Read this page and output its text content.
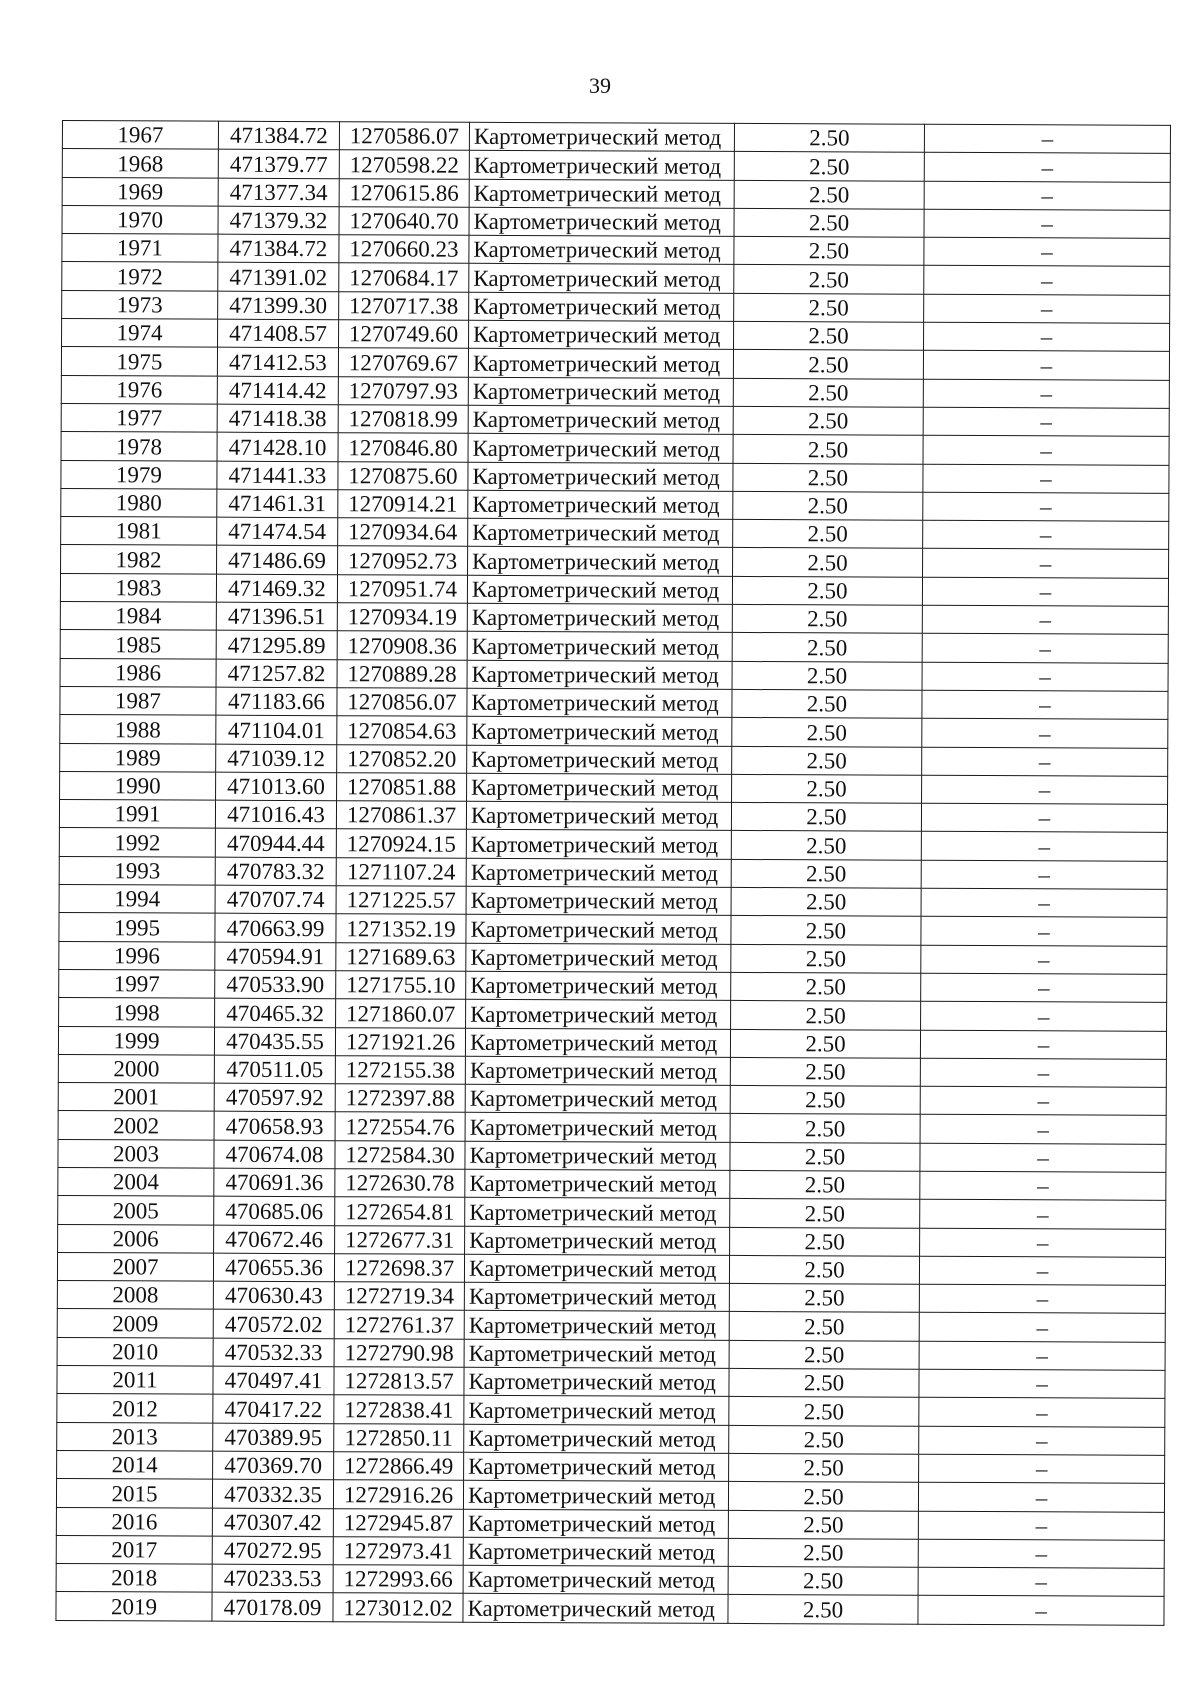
39
1967	471384.72	1270586.07	Картометрический метод	2.50	–
1968	471379.77	1270598.22	Картометрический метод	2.50	–
1969	471377.34	1270615.86	Картометрический метод	2.50	–
1970	471379.32	1270640.70	Картометрический метод	2.50	–
1971	471384.72	1270660.23	Картометрический метод	2.50	–
1972	471391.02	1270684.17	Картометрический метод	2.50	–
1973	471399.30	1270717.38	Картометрический метод	2.50	–
1974	471408.57	1270749.60	Картометрический метод	2.50	–
1975	471412.53	1270769.67	Картометрический метод	2.50	–
1976	471414.42	1270797.93	Картометрический метод	2.50	–
1977	471418.38	1270818.99	Картометрический метод	2.50	–
1978	471428.10	1270846.80	Картометрический метод	2.50	–
1979	471441.33	1270875.60	Картометрический метод	2.50	–
1980	471461.31	1270914.21	Картометрический метод	2.50	–
1981	471474.54	1270934.64	Картометрический метод	2.50	–
1982	471486.69	1270952.73	Картометрический метод	2.50	–
1983	471469.32	1270951.74	Картометрический метод	2.50	–
1984	471396.51	1270934.19	Картометрический метод	2.50	–
1985	471295.89	1270908.36	Картометрический метод	2.50	–
1986	471257.82	1270889.28	Картометрический метод	2.50	–
1987	471183.66	1270856.07	Картометрический метод	2.50	–
1988	471104.01	1270854.63	Картометрический метод	2.50	–
1989	471039.12	1270852.20	Картометрический метод	2.50	–
1990	471013.60	1270851.88	Картометрический метод	2.50	–
1991	471016.43	1270861.37	Картометрический метод	2.50	–
1992	470944.44	1270924.15	Картометрический метод	2.50	–
1993	470783.32	1271107.24	Картометрический метод	2.50	–
1994	470707.74	1271225.57	Картометрический метод	2.50	–
1995	470663.99	1271352.19	Картометрический метод	2.50	–
1996	470594.91	1271689.63	Картометрический метод	2.50	–
1997	470533.90	1271755.10	Картометрический метод	2.50	–
1998	470465.32	1271860.07	Картометрический метод	2.50	–
1999	470435.55	1271921.26	Картометрический метод	2.50	–
2000	470511.05	1272155.38	Картометрический метод	2.50	–
2001	470597.92	1272397.88	Картометрический метод	2.50	–
2002	470658.93	1272554.76	Картометрический метод	2.50	–
2003	470674.08	1272584.30	Картометрический метод	2.50	–
2004	470691.36	1272630.78	Картометрический метод	2.50	–
2005	470685.06	1272654.81	Картометрический метод	2.50	–
2006	470672.46	1272677.31	Картометрический метод	2.50	–
2007	470655.36	1272698.37	Картометрический метод	2.50	–
2008	470630.43	1272719.34	Картометрический метод	2.50	–
2009	470572.02	1272761.37	Картометрический метод	2.50	–
2010	470532.33	1272790.98	Картометрический метод	2.50	–
2011	470497.41	1272813.57	Картометрический метод	2.50	–
2012	470417.22	1272838.41	Картометрический метод	2.50	–
2013	470389.95	1272850.11	Картометрический метод	2.50	–
2014	470369.70	1272866.49	Картометрический метод	2.50	–
2015	470332.35	1272916.26	Картометрический метод	2.50	–
2016	470307.42	1272945.87	Картометрический метод	2.50	–
2017	470272.95	1272973.41	Картометрический метод	2.50	–
2018	470233.53	1272993.66	Картометрический метод	2.50	–
2019	470178.09	1273012.02	Картометрический метод	2.50	–
